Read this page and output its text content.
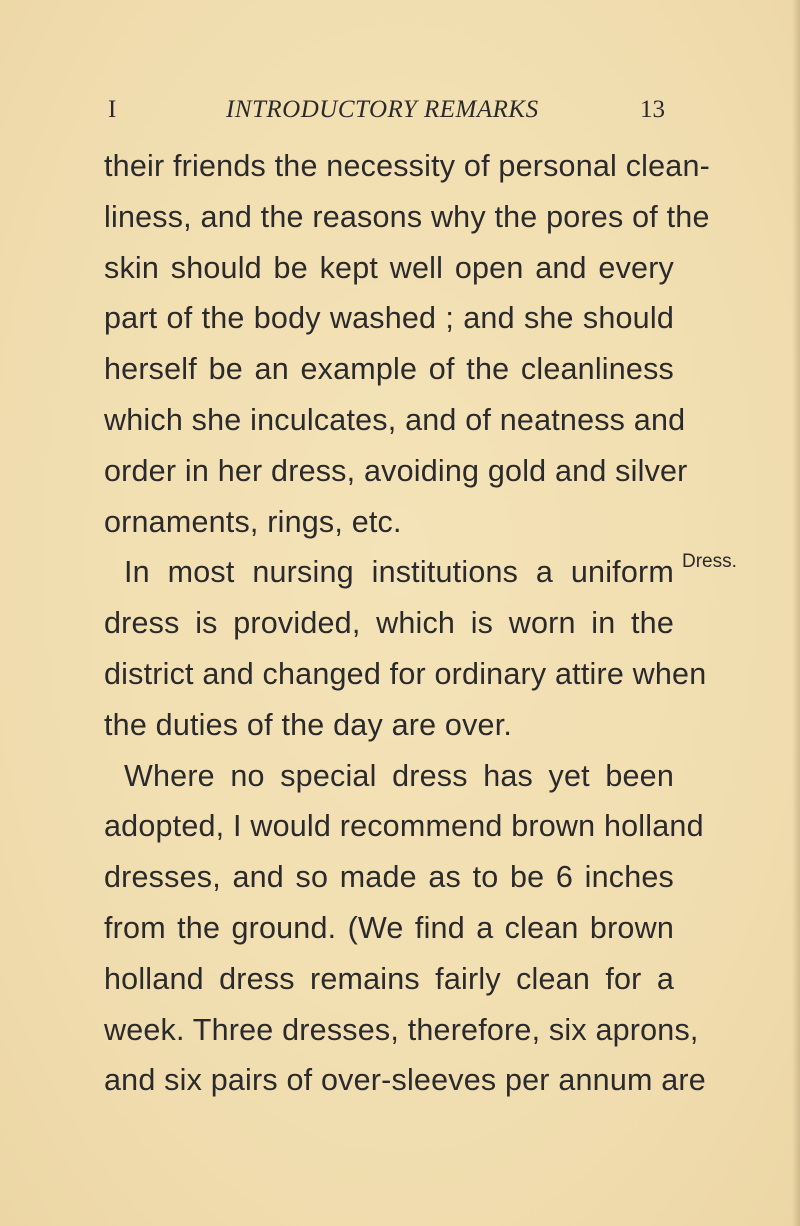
I	INTRODUCTORY REMARKS	13
their friends the necessity of personal clean-
liness, and the reasons why the pores of the
skin should be kept well open and every
part of the body washed ; and she should
herself be an example of the cleanliness
which she inculcates, and of neatness and
order in her dress, avoiding gold and silver
ornaments, rings, etc.
In most nursing institutions a uniform
dress is provided, which is worn in the
district and changed for ordinary attire when
the duties of the day are over.
Where no special dress has yet been
adopted, I would recommend brown holland
dresses, and so made as to be 6 inches
from the ground. (We find a clean brown
holland dress remains fairly clean for a
week. Three dresses, therefore, six aprons,
and six pairs of over-sleeves per annum are
Dress.
